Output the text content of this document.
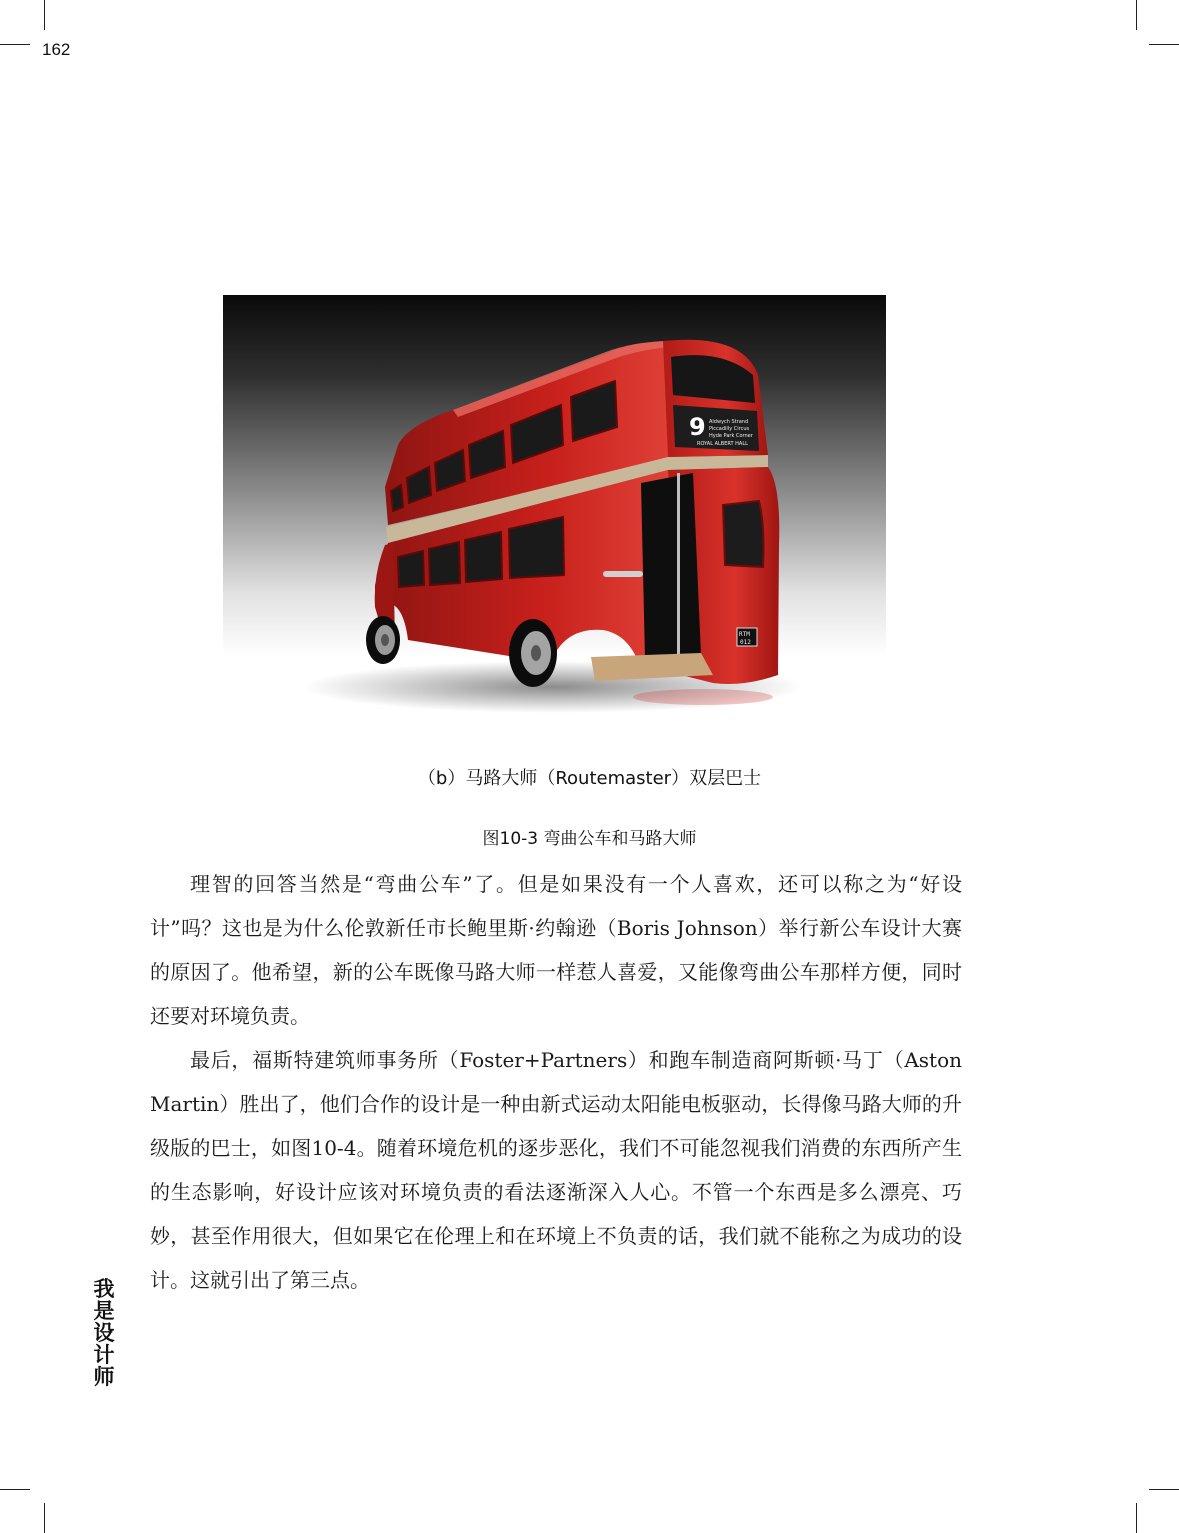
162
我是设计师
9 Aldwych Strand
Piccadilly Circus
Hyde Park Corner
ROYAL ALBERT HALL
RTM
012
（b）马路大师（Routemaster）双层巴士
图10-3 弯曲公车和马路大师

理智的回答当然是“弯曲公车”了。但是如果没有一个人喜欢，还可以称之为“好设计”吗？这也是为什么伦敦新任市长鲍里斯·约翰逊（Boris Johnson）举行新公车设计大赛的原因了。他希望，新的公车既像马路大师一样惹人喜爱，又能像弯曲公车那样方便，同时还要对环境负责。

最后，福斯特建筑师事务所（Foster+Partners）和跑车制造商阿斯顿·马丁（Aston Martin）胜出了，他们合作的设计是一种由新式运动太阳能电板驱动，长得像马路大师的升级版的巴士，如图10-4。随着环境危机的逐步恶化，我们不可能忽视我们消费的东西所产生的生态影响，好设计应该对环境负责的看法逐渐深入人心。不管一个东西是多么漂亮、巧妙，甚至作用很大，但如果它在伦理上和在环境上不负责的话，我们就不能称之为成功的设计。这就引出了第三点。
